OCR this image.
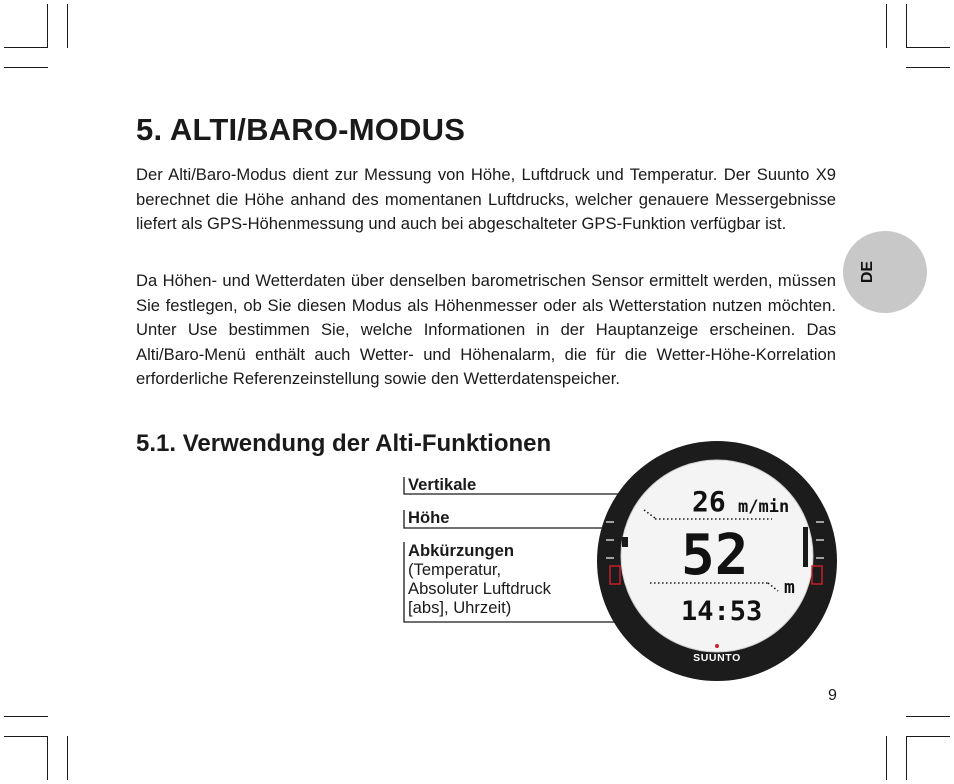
5. ALTI/BARO-MODUS

Der Alti/Baro-Modus dient zur Messung von Höhe, Luftdruck und Temperatur. Der Suunto X9 berechnet die Höhe anhand des momentanen Luftdrucks, welcher genauere Messergebnisse liefert als GPS-Höhenmessung und auch bei abgeschalteter GPS-Funktion verfügbar ist.

Da Höhen- und Wetterdaten über denselben barometrischen Sensor ermittelt werden, müssen Sie festlegen, ob Sie diesen Modus als Höhenmesser oder als Wetterstation nutzen möchten. Unter Use bestimmen Sie, welche Informationen in der Hauptanzeige erscheinen. Das Alti/Baro-Menü enthält auch Wetter- und Höhenalarm, die für die Wetter-Höhe-Korrelation erforderliche Referenzeinstellung sowie den Wetterdatenspeicher.

5.1. Verwendung der Alti-Funktionen
DE
Vertikale
Höhe
Abkürzungen
(Temperatur,
Absoluter Luftdruck
[abs], Uhrzeit)
26 m/min
52 m
14:53
SUUNTO
9
